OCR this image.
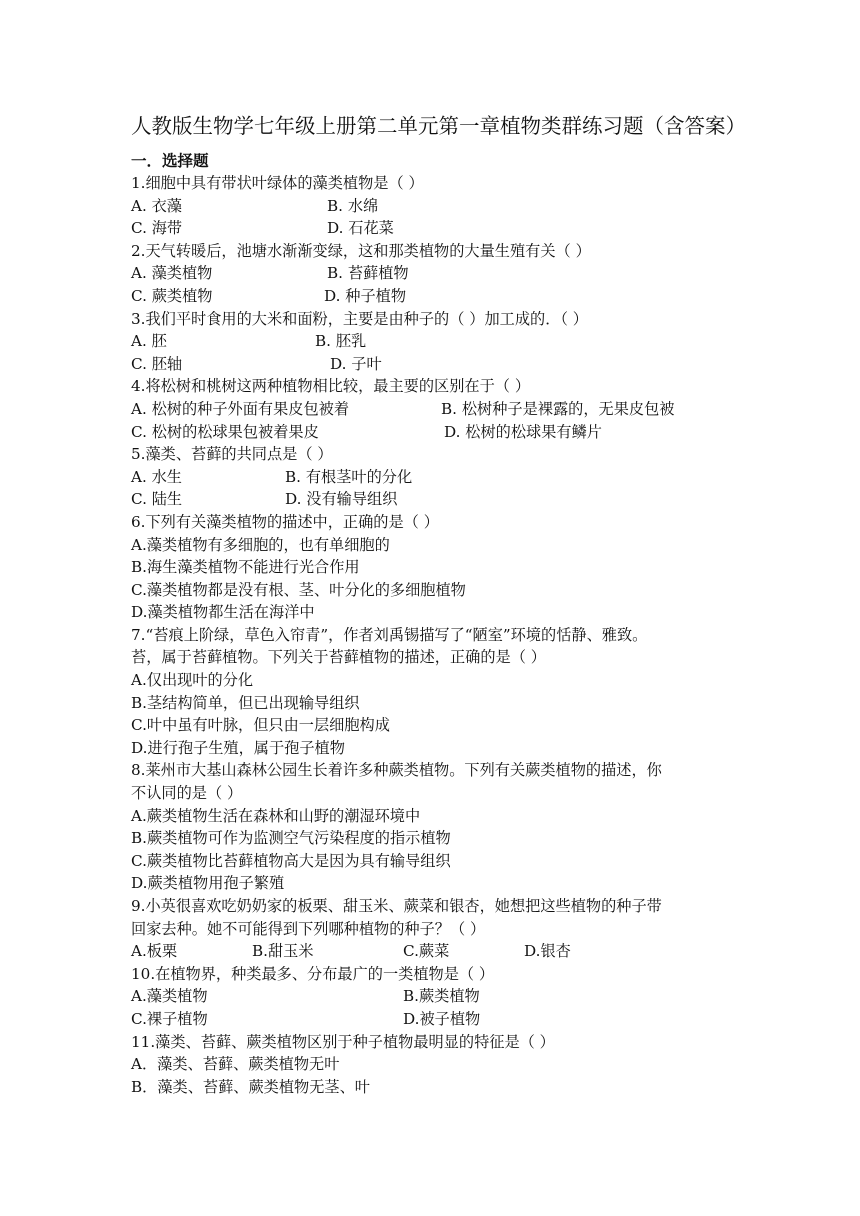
人教版生物学七年级上册第二单元第一章植物类群练习题（含答案）
一．选择题
1.细胞中具有带状叶绿体的藻类植物是（ ）
A. 衣藻	B. 水绵
C. 海带	D. 石花菜
2.天气转暖后，池塘水渐渐变绿，这和那类植物的大量生殖有关（ ）
A. 藻类植物	B. 苔藓植物
C. 蕨类植物	D. 种子植物
3.我们平时食用的大米和面粉，主要是由种子的（ ）加工成的．（ ）
A. 胚	B. 胚乳
C. 胚轴	D. 子叶
4.将松树和桃树这两种植物相比较，最主要的区别在于（ ）
A. 松树的种子外面有果皮包被着	B. 松树种子是裸露的，无果皮包被
C. 松树的松球果包被着果皮	D. 松树的松球果有鳞片
5.藻类、苔藓的共同点是（ ）
A. 水生	B. 有根茎叶的分化
C. 陆生	D. 没有输导组织
6.下列有关藻类植物的描述中，正确的是（ ）
A.藻类植物有多细胞的，也有单细胞的
B.海生藻类植物不能进行光合作用
C.藻类植物都是没有根、茎、叶分化的多细胞植物
D.藻类植物都生活在海洋中
7.“苔痕上阶绿，草色入帘青”，作者刘禹锡描写了“陋室”环境的恬静、雅致。
苔，属于苔藓植物。下列关于苔藓植物的描述，正确的是（ ）
A.仅出现叶的分化
B.茎结构简单，但已出现输导组织
C.叶中虽有叶脉，但只由一层细胞构成
D.进行孢子生殖，属于孢子植物
8.莱州市大基山森林公园生长着许多种蕨类植物。下列有关蕨类植物的描述，你
不认同的是（ ）
A.蕨类植物生活在森林和山野的潮湿环境中
B.蕨类植物可作为监测空气污染程度的指示植物
C.蕨类植物比苔藓植物高大是因为具有输导组织
D.蕨类植物用孢子繁殖
9.小英很喜欢吃奶奶家的板栗、甜玉米、蕨菜和银杏，她想把这些植物的种子带
回家去种。她不可能得到下列哪种植物的种子？（ ）
A.板栗	B.甜玉米	C.蕨菜	D.银杏
10.在植物界，种类最多、分布最广的一类植物是（ ）
A.藻类植物	B.蕨类植物
C.裸子植物	D.被子植物
11.藻类、苔藓、蕨类植物区别于种子植物最明显的特征是（ ）
A．藻类、苔藓、蕨类植物无叶
B．藻类、苔藓、蕨类植物无茎、叶
